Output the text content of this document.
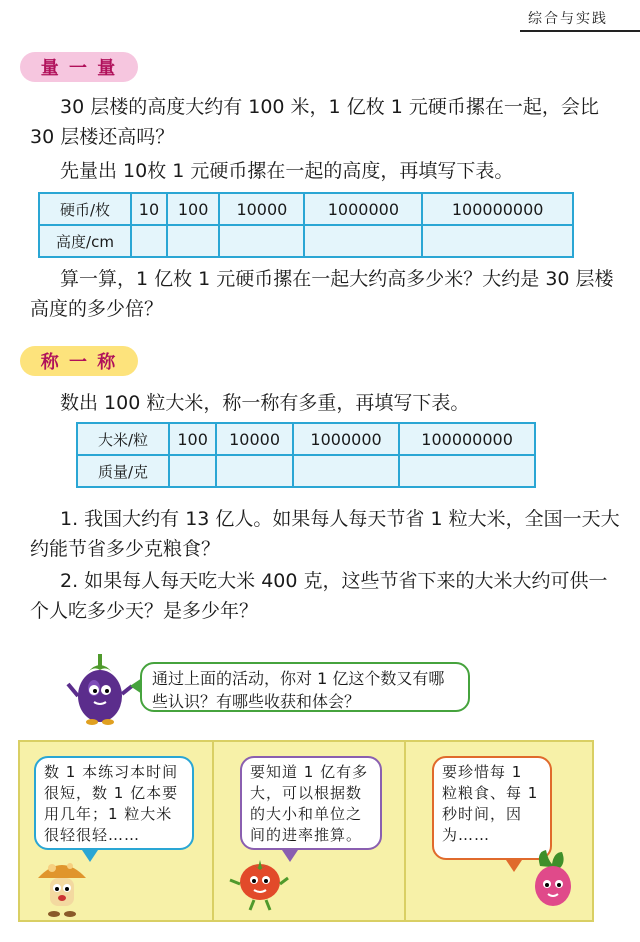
综合与实践
量 一 量
30 层楼的高度大约有 100 米，1 亿枚 1 元硬币摞在一起，会比 30 层楼还高吗？
先量出 10枚 1 元硬币摞在一起的高度，再填写下表。
硬币/枚	10	100	10000	1000000	100000000
高度/cm					
算一算，1 亿枚 1 元硬币摞在一起大约高多少米？大约是 30 层楼高度的多少倍？
称 一 称
数出 100 粒大米，称一称有多重，再填写下表。
大米/粒	100	10000	1000000	100000000
质量/克				
1. 我国大约有 13 亿人。如果每人每天节省 1 粒大米，全国一天大约能节省多少克粮食？
2. 如果每人每天吃大米 400 克，这些节省下来的大米大约可供一个人吃多少天？是多少年？
通过上面的活动，你对 1 亿这个数又有哪些认识？有哪些收获和体会？
数 1 本练习本时间很短，数 1 亿本要用几年；1 粒大米很轻很轻……
要知道 1 亿有多大，可以根据数的大小和单位之间的进率推算。
要珍惜每 1 粒粮食、每 1 秒时间，因为……
